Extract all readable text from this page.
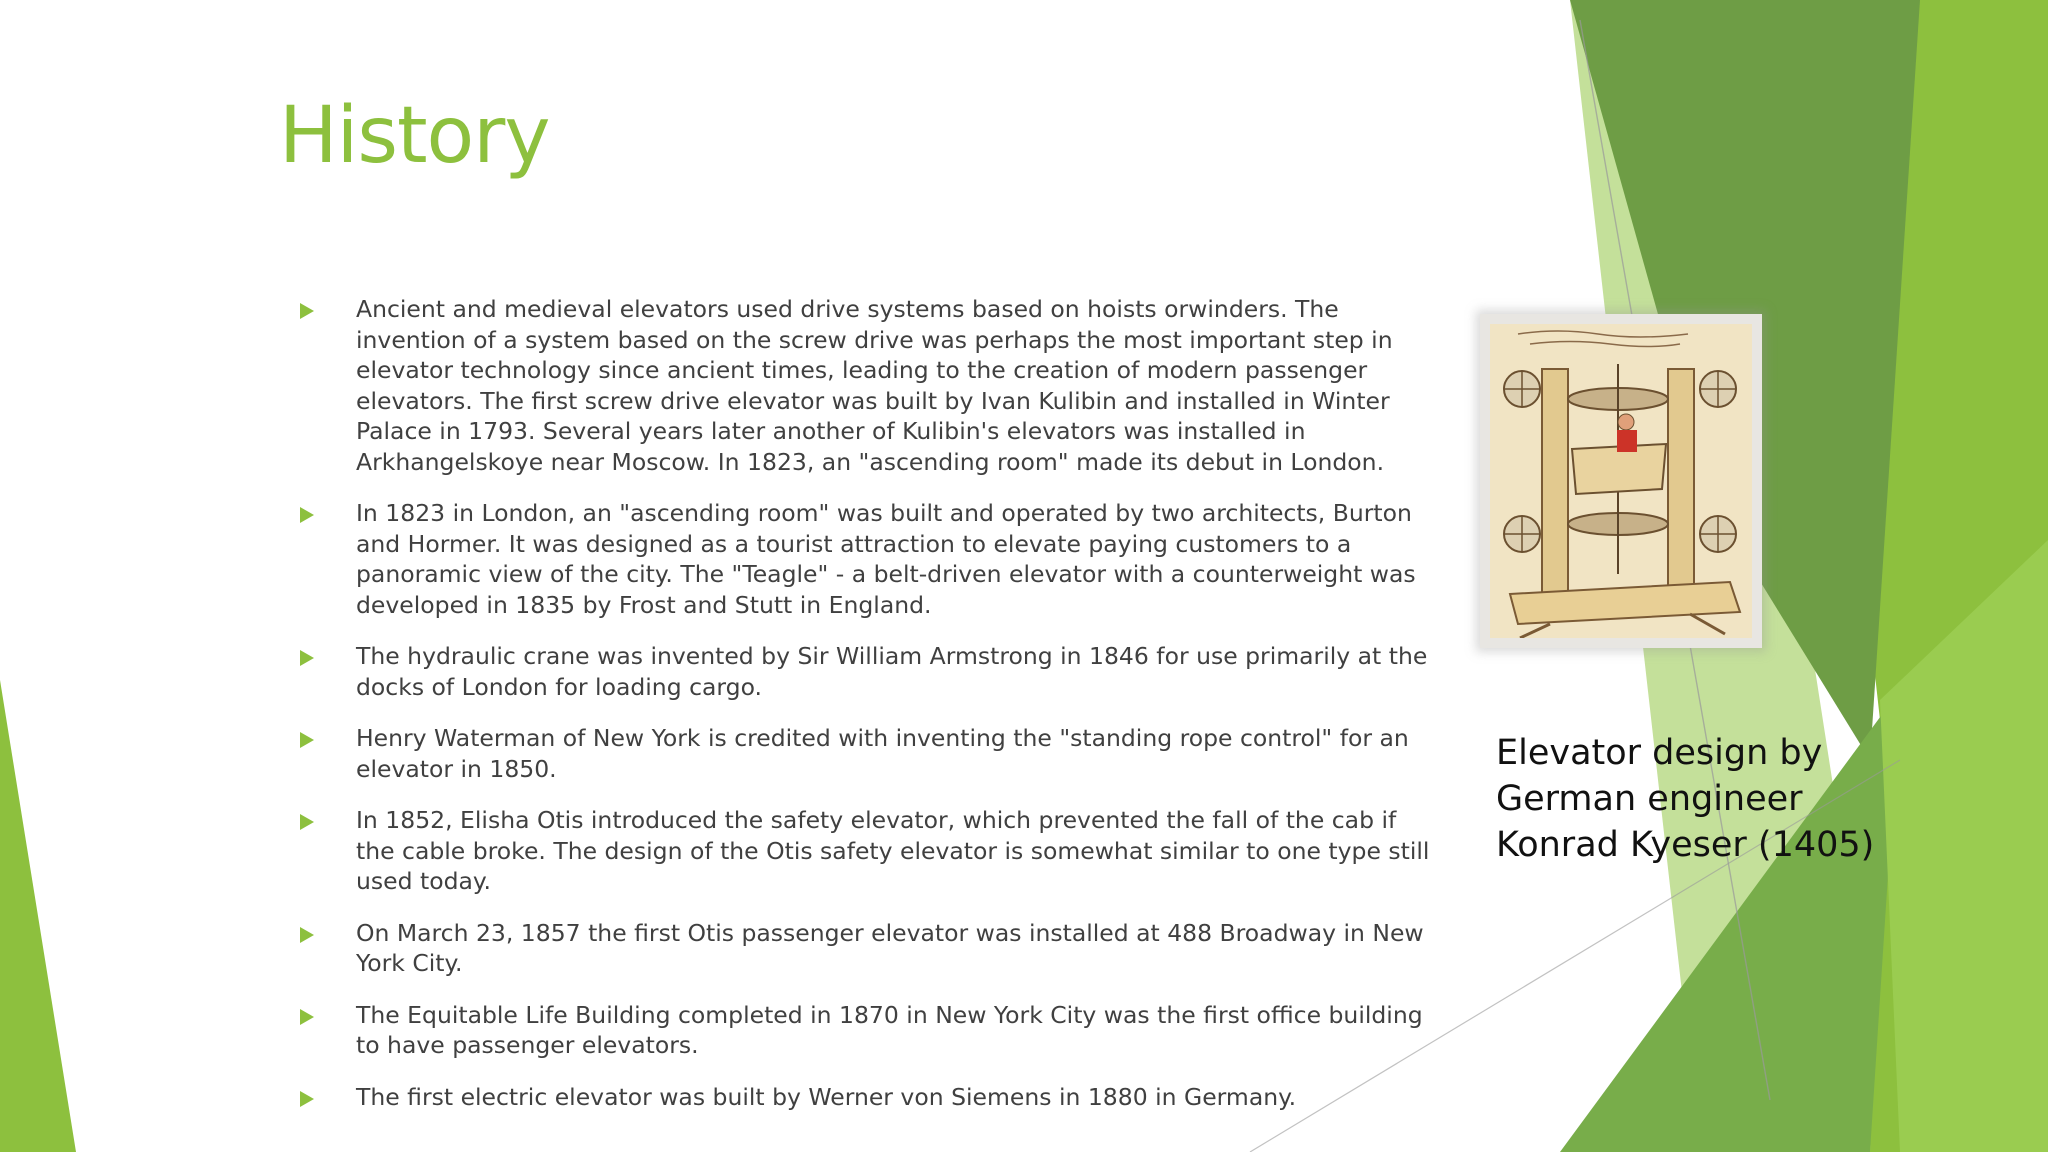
History
Ancient and medieval elevators used drive systems based on hoists orwinders. The invention of a system based on the screw drive was perhaps the most important step in elevator technology since ancient times, leading to the creation of modern passenger elevators. The first screw drive elevator was built by Ivan Kulibin and installed in Winter Palace in 1793. Several years later another of Kulibin's elevators was installed in Arkhangelskoye near Moscow. In 1823, an "ascending room" made its debut in London.
In 1823 in London, an "ascending room" was built and operated by two architects, Burton and Hormer. It was designed as a tourist attraction to elevate paying customers to a panoramic view of the city. The "Teagle" - a belt-driven elevator with a counterweight was developed in 1835 by Frost and Stutt in England.
The hydraulic crane was invented by Sir William Armstrong in 1846 for use primarily at the docks of London for loading cargo.
Henry Waterman of New York is credited with inventing the "standing rope control" for an elevator in 1850.
In 1852, Elisha Otis introduced the safety elevator, which prevented the fall of the cab if the cable broke. The design of the Otis safety elevator is somewhat similar to one type still used today.
On March 23, 1857 the first Otis passenger elevator was installed at 488 Broadway in New York City.
The Equitable Life Building completed in 1870 in New York City was the first office building to have passenger elevators.
The first electric elevator was built by Werner von Siemens in 1880 in Germany.

Elevator design by German engineer Konrad Kyeser (1405)
